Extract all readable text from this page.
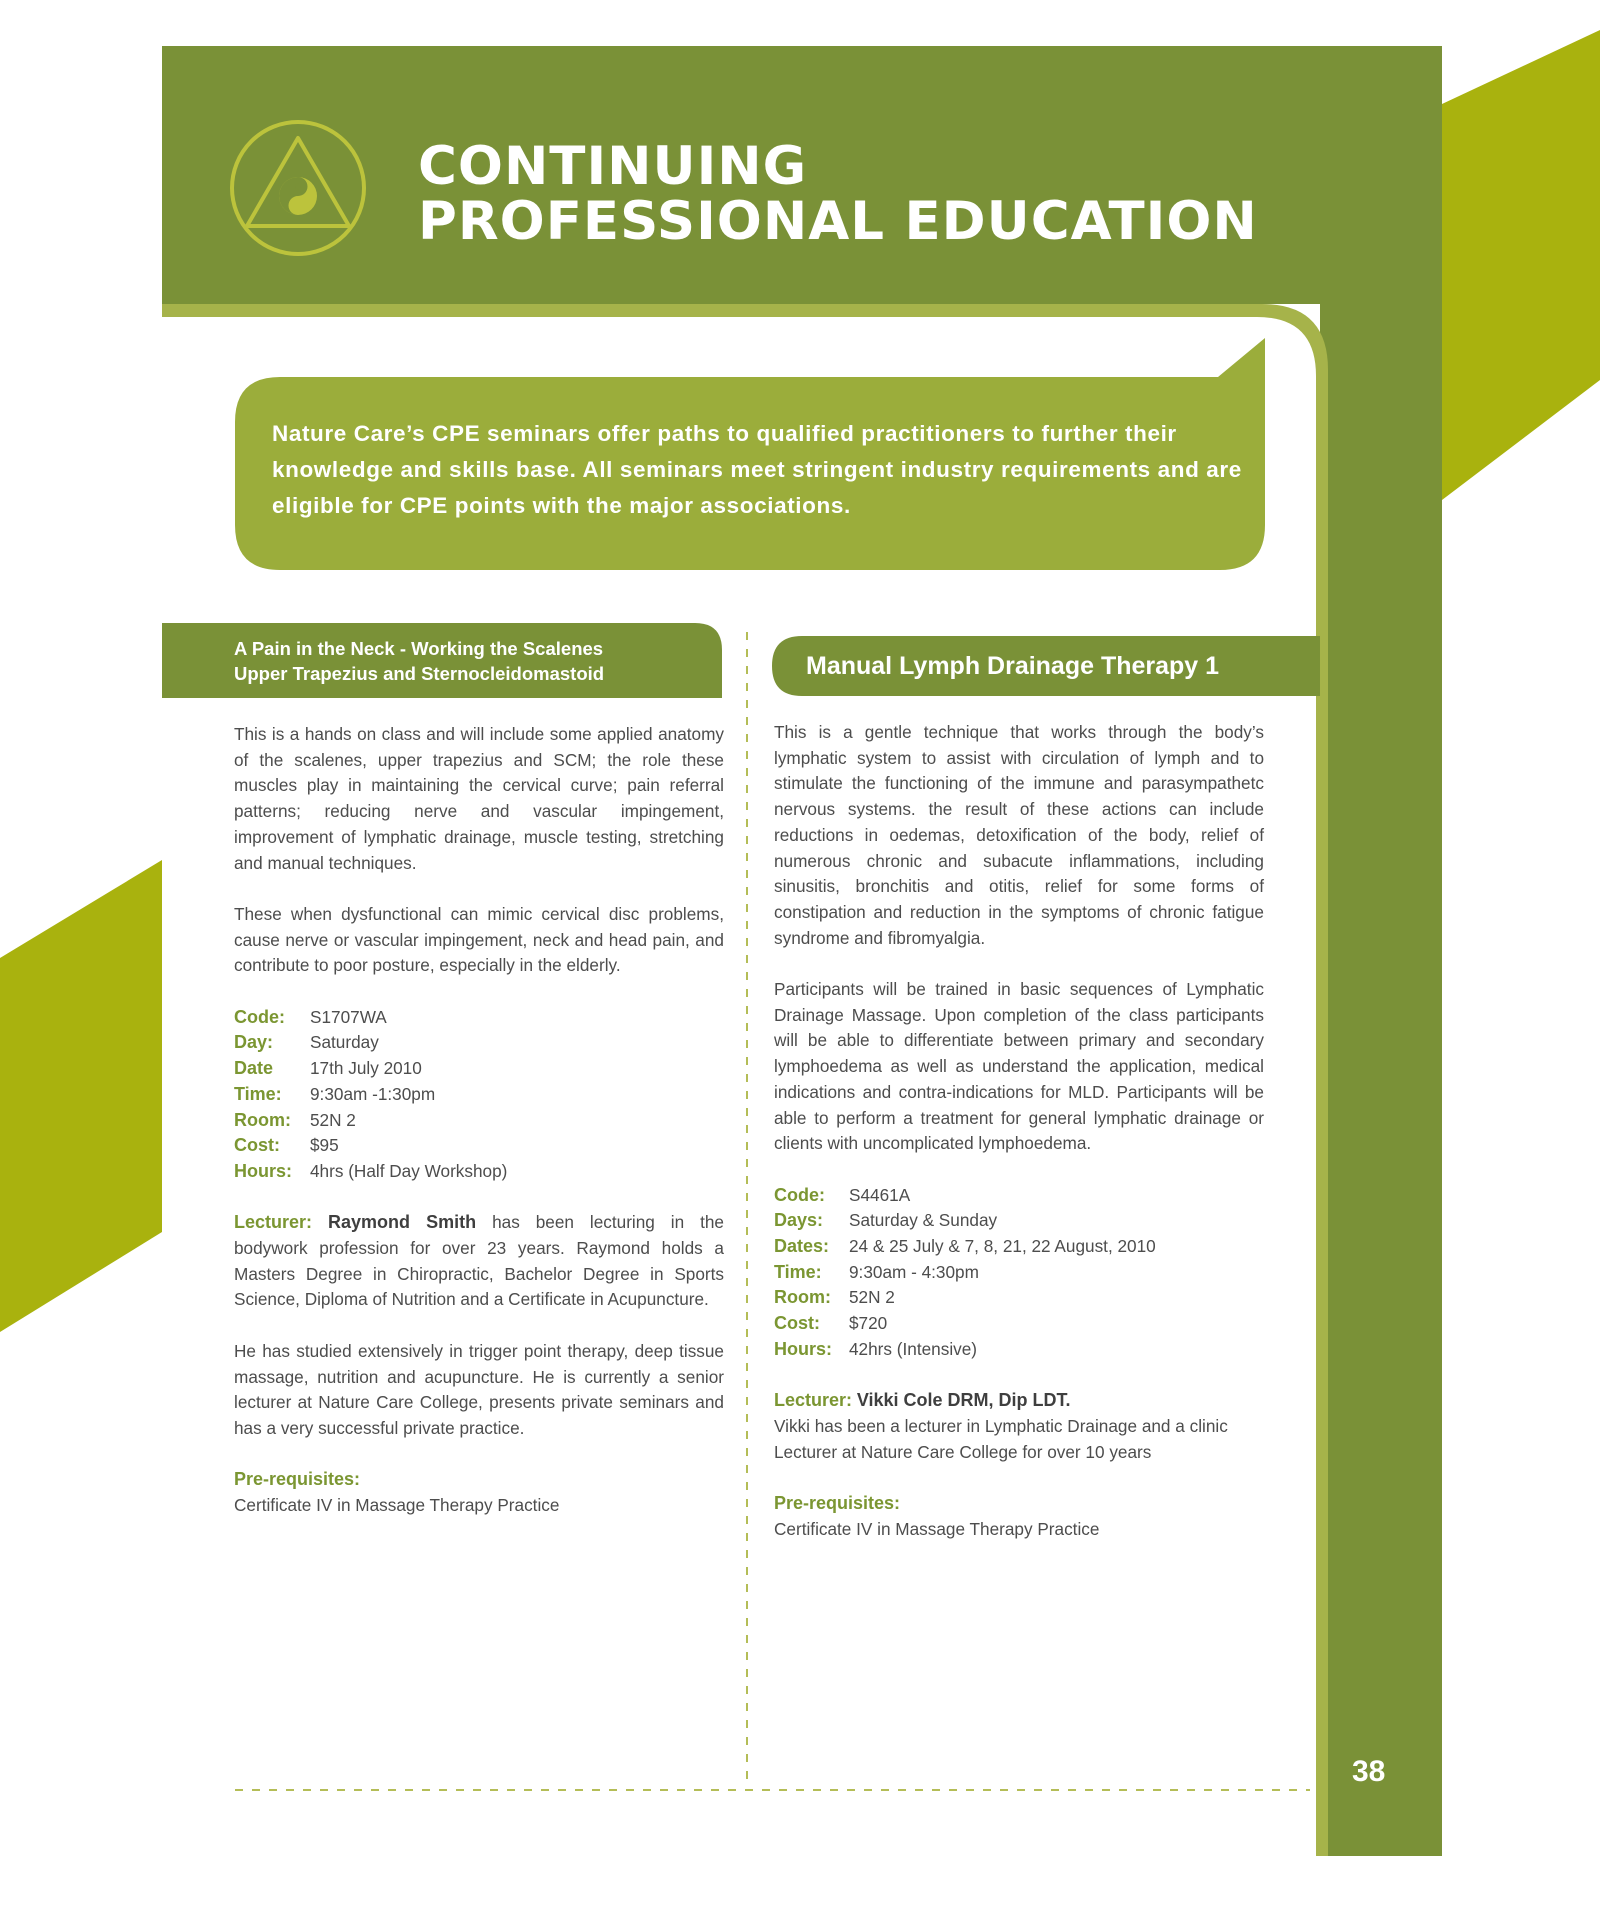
CONTINUING
PROFESSIONAL EDUCATION
Nature Care’s CPE seminars offer paths to qualified practitioners to further their knowledge and skills base. All seminars meet stringent industry requirements and are eligible for CPE points with the major associations.
A Pain in the Neck - Working the Scalenes
Upper Trapezius and Sternocleidomastoid	Manual Lymph Drainage Therapy 1

This is a hands on class and will include some applied anatomy of the scalenes, upper trapezius and SCM; the role these muscles play in maintaining the cervical curve; pain referral patterns; reducing nerve and vascular impingement, improvement of lymphatic drainage, muscle testing, stretching and manual techniques.

These when dysfunctional can mimic cervical disc problems, cause nerve or vascular impingement, neck and head pain, and contribute to poor posture, especially in the elderly.

Code:	S1707WA
Day:	Saturday
Date	17th July 2010
Time:	9:30am -1:30pm
Room:	52N 2
Cost:	$95
Hours:	4hrs (Half Day Workshop)

Lecturer: Raymond Smith has been lecturing in the bodywork profession for over 23 years. Raymond holds a Masters Degree in Chiropractic, Bachelor Degree in Sports Science, Diploma of Nutrition and a Certificate in Acupuncture.

He has studied extensively in trigger point therapy, deep tissue massage, nutrition and acupuncture. He is currently a senior lecturer at Nature Care College, presents private seminars and has a very successful private practice.

Pre-requisites:
Certificate IV in Massage Therapy Practice

This is a gentle technique that works through the body’s lymphatic system to assist with circulation of lymph and to stimulate the functioning of the immune and parasympathetc nervous systems. the result of these actions can include reductions in oedemas, detoxification of the body, relief of numerous chronic and subacute inflammations, including sinusitis, bronchitis and otitis, relief for some forms of constipation and reduction in the symptoms of chronic fatigue syndrome and fibromyalgia.

Participants will be trained in basic sequences of Lymphatic Drainage Massage. Upon completion of the class participants will be able to differentiate between primary and secondary lymphoedema as well as understand the application, medical indications and contra-indications for MLD. Participants will be able to perform a treatment for general lymphatic drainage or clients with uncomplicated lymphoedema.

Code:	S4461A
Days:	Saturday & Sunday
Dates:	24 & 25 July & 7, 8, 21, 22 August, 2010
Time:	9:30am - 4:30pm
Room:	52N 2
Cost:	$720
Hours: 42hrs (Intensive)
Lecturer: Vikki Cole DRM, Dip LDT.

Vikki has been a lecturer in Lymphatic Drainage and a clinic Lecturer at Nature Care College for over 10 years

Pre-requisites:
Certificate IV in Massage Therapy Practice
38
